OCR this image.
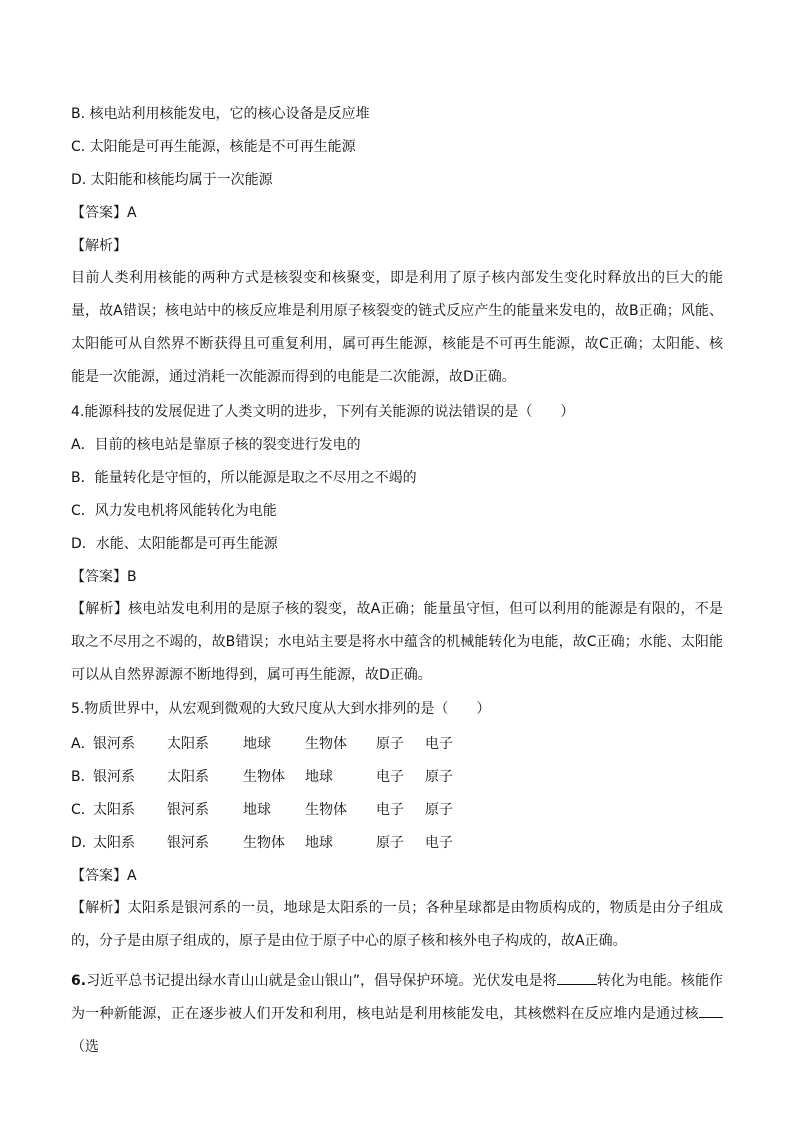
B. 核电站利用核能发电，它的核心设备是反应堆
C. 太阳能是可再生能源，核能是不可再生能源
D. 太阳能和核能均属于一次能源
【答案】A
【解析】
目前人类利用核能的两种方式是核裂变和核聚变，即是利用了原子核内部发生变化时释放出的巨大的能量，故A错误；核电站中的核反应堆是利用原子核裂变的链式反应产生的能量来发电的，故B正确；风能、太阳能可从自然界不断获得且可重复利用，属可再生能源，核能是不可再生能源，故C正确；太阳能、核能是一次能源，通过消耗一次能源而得到的电能是二次能源，故D正确。
4.能源科技的发展促进了人类文明的进步，下列有关能源的说法错误的是（　　）
A．目前的核电站是靠原子核的裂变进行发电的
B．能量转化是守恒的，所以能源是取之不尽用之不竭的
C．风力发电机将风能转化为电能
D．水能、太阳能都是可再生能源
【答案】B
【解析】核电站发电利用的是原子核的裂变，故A正确；能量虽守恒，但可以利用的能源是有限的，不是取之不尽用之不竭的，故B错误；水电站主要是将水中蕴含的机械能转化为电能，故C正确；水能、太阳能可以从自然界源源不断地得到，属可再生能源，故D正确。
5.物质世界中，从宏观到微观的大致尺度从大到水排列的是（　　）
A．
银河系 太阳系 地球 生物体 原子 电子
B．
银河系 太阳系 生物体 地球	电子 原子
C．
太阳系 银河系 地球 生物体 电子 原子
D．
太阳系 银河系 生物体 地球	原子 电子
【答案】A
【解析】太阳系是银河系的一员，地球是太阳系的一员；各种星球都是由物质构成的，物质是由分子组成的，分子是由原子组成的，原子是由位于原子中心的原子核和核外电子构成的，故A正确。
6.习近平总书记提出绿水青山山就是金山银山”，倡导保护环境。光伏发电是将	转化为电能。核能作为一种新能源，正在逐步被人们开发和利用，核电站是利用核能发电，其核燃料在反应堆内是通过核（选
